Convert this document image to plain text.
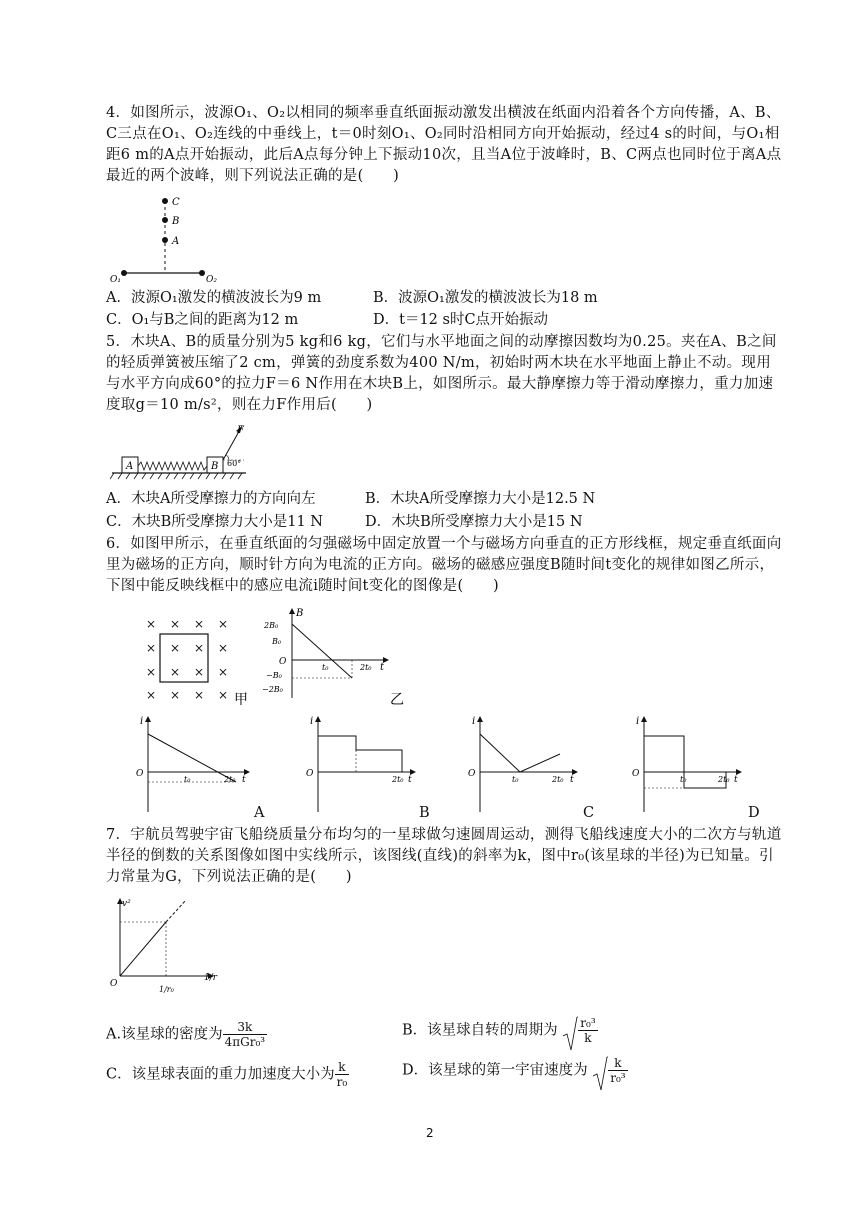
4．如图所示，波源O₁、O₂以相同的频率垂直纸面振动激发出横波在纸面内沿着各个方向传播，A、B、C三点在O₁、O₂连线的中垂线上，t＝0时刻O₁、O₂同时沿相同方向开始振动，经过4 s的时间，与O₁相距6 m的A点开始振动，此后A点每分钟上下振动10次，且当A位于波峰时，B、C两点也同时位于离A点最近的两个波峰，则下列说法正确的是(　　)
C
B
A
O₁	O₂
A．波源O₁激发的横波波长为9 m	B．波源O₁激发的横波波长为18 m
C．O₁与B之间的距离为12 m	D．t＝12 s时C点开始振动
5．木块A、B的质量分别为5 kg和6 kg，它们与水平地面之间的动摩擦因数均为0.25。夹在A、B之间的轻质弹簧被压缩了2 cm，弹簧的劲度系数为400 N/m，初始时两木块在水平地面上静止不动。现用与水平方向成60°的拉力F＝6 N作用在木块B上，如图所示。最大静摩擦力等于滑动摩擦力，重力加速度取g＝10 m/s²，则在力F作用后(　　)
A	B
F
60°
A．木块A所受摩擦力的方向向左	B．木块A所受摩擦力大小是12.5 N
C．木块B所受摩擦力大小是11 N	D．木块B所受摩擦力大小是15 N
6．如图甲所示，在垂直纸面的匀强磁场中固定放置一个与磁场方向垂直的正方形线框，规定垂直纸面向里为磁场的正方向，顺时针方向为电流的正方向。磁场的磁感应强度B随时间t变化的规律如图乙所示，下图中能反映线框中的感应电流i随时间t变化的图像是(　　)
× × × ×
× × × ×
× × × ×
× × × × 甲
B
t
O
2B₀
B₀
−B₀
−2B₀
t₀	2t₀
乙
i
O
t
t₀	2t₀
A
i
O
t
2t₀
B
i
O
t
t₀	2t₀
C
i
O
t
t₀	2t₀
D
7．宇航员驾驶宇宙飞船绕质量分布均匀的一星球做匀速圆周运动，测得飞船线速度大小的二次方与轨道半径的倒数的关系图像如图中实线所示，该图线(直线)的斜率为k，图中r₀(该星球的半径)为已知量。引力常量为G，下列说法正确的是(　　)
v²
O
1/r
1/r₀
A.该星球的密度为 $\frac{3k}{\text{4πGr₀³}}$	B．该星球自转的周期为 $\frac{\text{r₀³}}{k}$
C．该星球表面的重力加速度大小为 $\frac{k}{\text{r₀}}$	D．该星球的第一宇宙速度为 $\frac{k}{\text{r₀³}}$
2
